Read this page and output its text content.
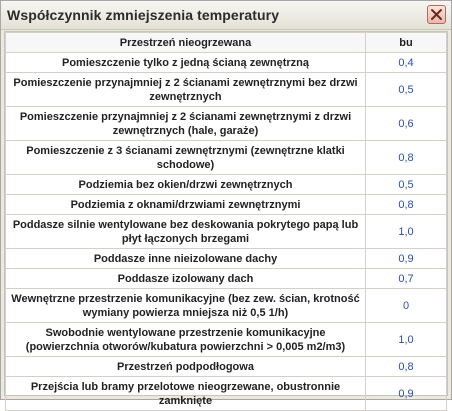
Współczynnik zmniejszenia temperatury
Przestrzeń nieogrzewana	bu
Pomieszczenie tylko z jedną ścianą zewnętrzną	0,4
Pomieszczenie przynajmniej z 2 ścianami zewnętrznymi bez drzwi zewnętrznych	0,5
Pomieszczenie przynajmniej z 2 ścianami zewnętrznymi z drzwi zewnętrznych (hale, garaże)	0,6
Pomieszczenie z 3 ścianami zewnętrznymi (zewnętrzne klatki schodowe)	0,8
Podziemia bez okien/drzwi zewnętrznych	0,5
Podziemia z oknami/drzwiami zewnętrznymi	0,8
Poddasze silnie wentylowane bez deskowania pokrytego papą lub płyt łączonych brzegami	1,0
Poddasze inne nieizolowane dachy	0,9
Poddasze izolowany dach	0,7
Wewnętrzne przestrzenie komunikacyjne (bez zew. ścian, krotność wymiany powierza mniejsza niż 0,5 1/h)	0
Swobodnie wentylowane przestrzenie komunikacyjne (powierzchnia otworów/kubatura powierzchni > 0,005 m2/m3)	1,0
Przestrzeń podpodłogowa	0,8
Przejścia lub bramy przelotowe nieogrzewane, obustronnie zamknięte	0,9
